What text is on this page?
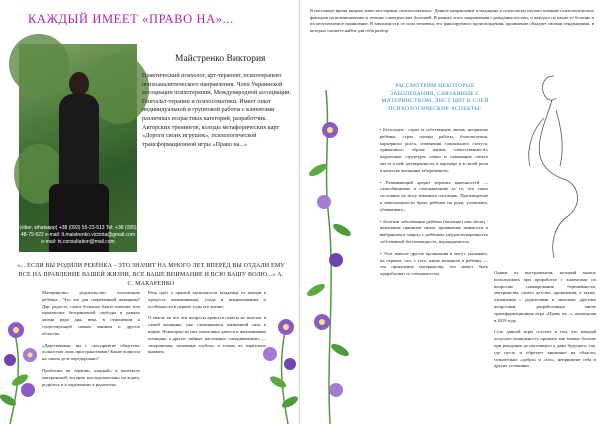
КАЖДЫЙ ИМЕЕТ «ПРАВО НА»...
(viber, whatsapp) +38 (093) 55-23-513 Tel: +38 (095) 48-79-522 e-mail: lt.maistrenko.victoria@gmail.com e-mail: ts.consultation@mail.com
Майстренко Виктория
Практический психолог, арт-терапевт, психотерапевт психоаналитического направления. Член Украинской ассоциации психотерапии, Международной ассоциации. Гештальт-терапии и психосоматики. Имеет опыт индивидуальной и групповой работы с клиентами различных возрастных категорий, разработчик. Авторских тренингов, колоды метафорических карт «Дороги своих игрушек», психологической трансформационной игры «Право на...»
«... ЕСЛИ ВЫ РОДИЛИ РЕБЁНКА - ЭТО ЗНАЧИТ НА МНОГО ЛЕТ ВПЕРЁД ВЫ ОТДАЛИ ЕМУ ВСЕ НА ПРАВЛЕНИЕ ВАШЕЙ ЖИЗНИ, ВСЕ ВАШЕ ВНИМАНИЕ И ВСЮ ВАШУ ВОЛЮ...» А. С. МАКАРЕНКО

Материнство, родительство, воспитание ребёнка... Что это для современной женщины? Дар, радость, самое большое благословение, или произволие безграничной свободы в рамках жизни ради дня, века, в отношении к существующей самым законам и других областях.

«Дарственная» вы с «восприятие общества, полностью ложь пространствами? Какие вопросы на самом деле передорожно?

Проблемы не терапии, каждый» в контексте материнской, которые наследовательно на ждать, родилась и в окружениях в родителях.

Речь идёт о прямой зависимости младенца от матери в процессе вынашивания, ухода и вскармливания и особенности в первые годы его жизни.

О мысль на все эти вопросы кроются ответы во многом, в самой женщине, уже сложившиеся жизненной сила в норме. Некоторые из них очень явно даются в напоминании позициях, а другие, тайные, настоящие, «непривыкшие» — захоронения, затаенные глубоко, и только их тщательно выявить.

В настоящее время широко известен термин «психосоматика». Данное направление в медицине и психологии изучает влияние психологических факторов на возникновение и течение соматических болезней. В рамках этого направления с рождения отстоят, и каждого по какие-то болезнь и их неотъемлемое проявление. В зависимости от пола человека, его фиксируемого происхождения, проявление обладает своими тенденциями, в которых сможете найти для себя разбор.
РАССМОТРИМ НЕКОТОРЫЕ ЗАБОЛЕВАНИЯ, СВЯЗАННЫЕ С МАТЕРИНСТВОМ, ЛИСТ ЦИТ В СЛЕЙ ПСИХОЛОГИЧЕСКИЕ АСПЕКТЫ:

• Бесплодие - страх за собственную жизнь, неприятие ребёнка, страх потери работы, благополучия, карьерного роста, изменения социального статуса, привычного образа жизни, ответственности; нарушение структуры семьи и понимание своего места в ней; неуверенность в партнёре и в своей роли в качестве женщины забеременеть;

• Развивающий артрит верхних конечностей — самообвинение и самонаказание за то, что такое состояние не могу изменить ситуацию. Противоречие в невозможности брать ребёнка на руки, ухаживать, убаюкивать...

• Болезни заболевания ребёнка (желание) или месяц - нежелание принятие своих, проявление мнимости и выбранном в защиту с ребёнком, неудовлетворенность собственной беспомощность, нерождаемость.

• Этот многие другие проявления в могут указывать, на первым, что, с того, какие возникли к ребёнку — это проявление материнства, что может быть проработано со специалистом.	Одним из инструментов, который можно использовать при проработке с клиентами по вопросам планирования беременности, материнства, своего детства, проявлении, а также, отношения с родителями и многими другими вопросами, разработанная мною трансформационная игра «Право на...», вышедшая в 2019 году.

Суть данной игры состоит в том, что каждый получает возможность прожить как можно больше при рождении до настоящего к даже будущего, так, где пусть и обретает внимание на области, сознательно «добро» и «зло», непринятие себя и других установки.
